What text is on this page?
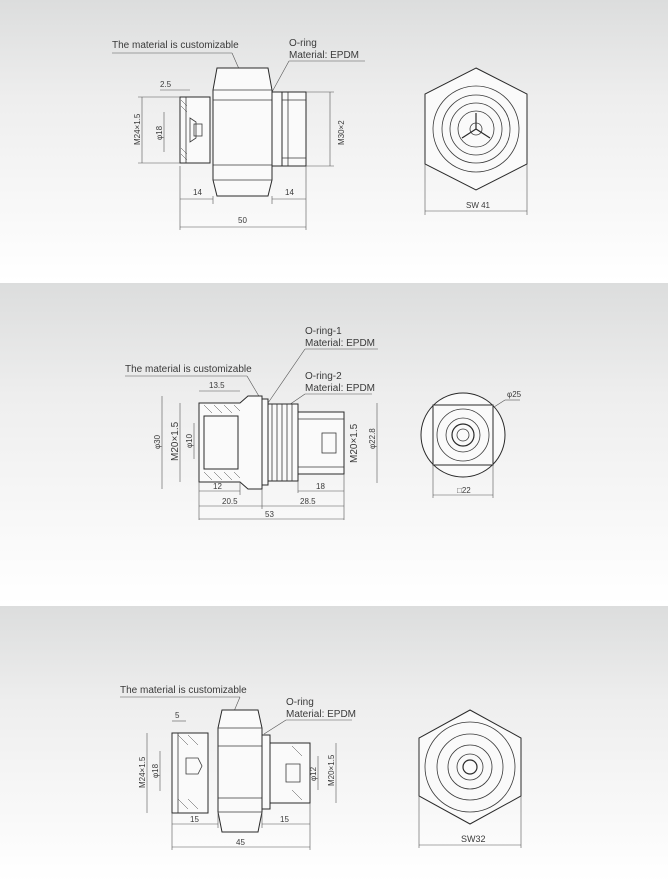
The material is customizable	O-ring
Material: EPDM
2.5
M24×1.5 φ18	M30×2
14	14
50
SW 41
O-ring-1
Material: EPDM
The material is customizable
O-ring-2
Material: EPDM
13.5
φ30 M20×1.5 φ10	M20×1.5 φ22.8
12	18
20.5	28.5
53
φ25
□22
The material is customizable
O-ring
Material: EPDM
5
M24×1.5 φ18	φ12 M20×1.5
15	15
45	SW32
